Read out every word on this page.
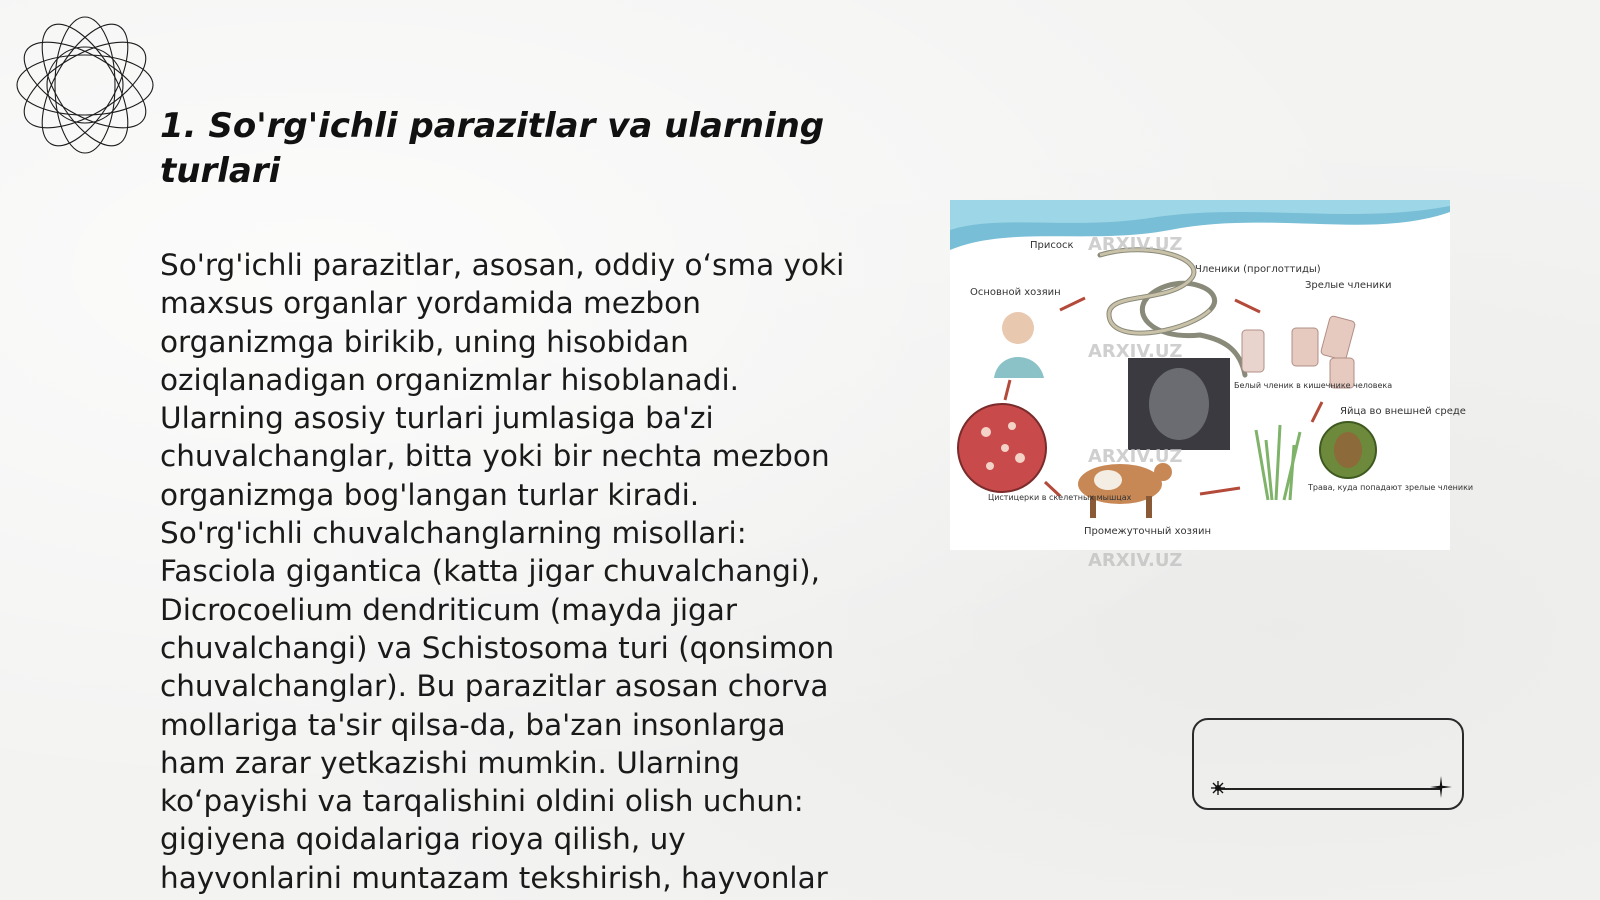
1. So'rg'ichli parazitlar va ularning turlari

So'rg'ichli parazitlar, asosan, oddiy o‘sma yoki
maxsus organlar yordamida mezbon
organizmga birikib, uning hisobidan
oziqlanadigan organizmlar hisoblanadi.
Ularning asosiy turlari jumlasiga ba'zi
chuvalchanglar, bitta yoki bir nechta mezbon
organizmga bog'langan turlar kiradi.
So'rg'ichli chuvalchanglarning misollari:
Fasciola gigantica (katta jigar chuvalchangi),
Dicrocoelium dendriticum (mayda jigar
chuvalchangi) va Schistosoma turi (qonsimon
chuvalchanglar). Bu parazitlar asosan chorva
mollariga ta'sir qilsa-da, ba'zan insonlarga
ham zarar yetkazishi mumkin. Ularning
ko‘payishi va tarqalishini oldini olish uchun:
gigiyena qoidalariga rioya qilish, uy
hayvonlarini muntazam tekshirish, hayvonlar

Присоск
Членики (проглоттиды)
Основной хозяин
Зрелые членики
Яйца во внешней среде
Белый членик в кишечнике человека
Цистицерки в скелетных мышцах
Трава, куда попадают зрелые членики
Промежуточный хозяин
ARXIV.UZ
ARXIV.UZ
ARXIV.UZ
ARXIV.UZ
